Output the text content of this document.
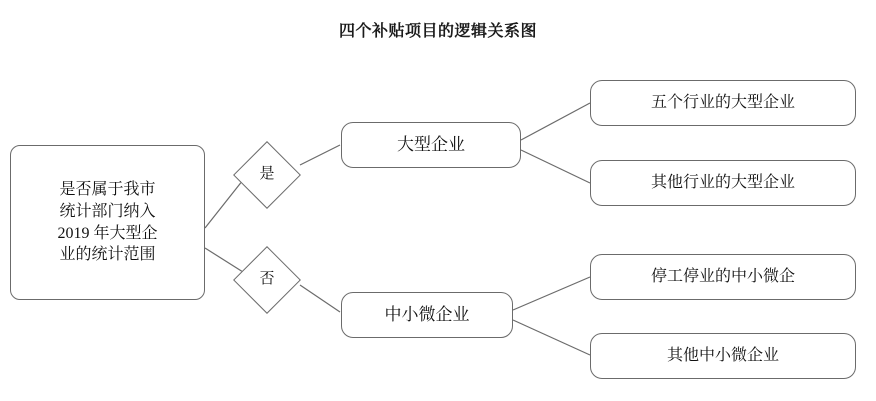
四个补贴项目的逻辑关系图
是否属于我市
统计部门纳入
2019 年大型企
业的统计范围
是
否
大型企业
中小微企业
五个行业的大型企业
其他行业的大型企业
停工停业的中小微企
其他中小微企业
